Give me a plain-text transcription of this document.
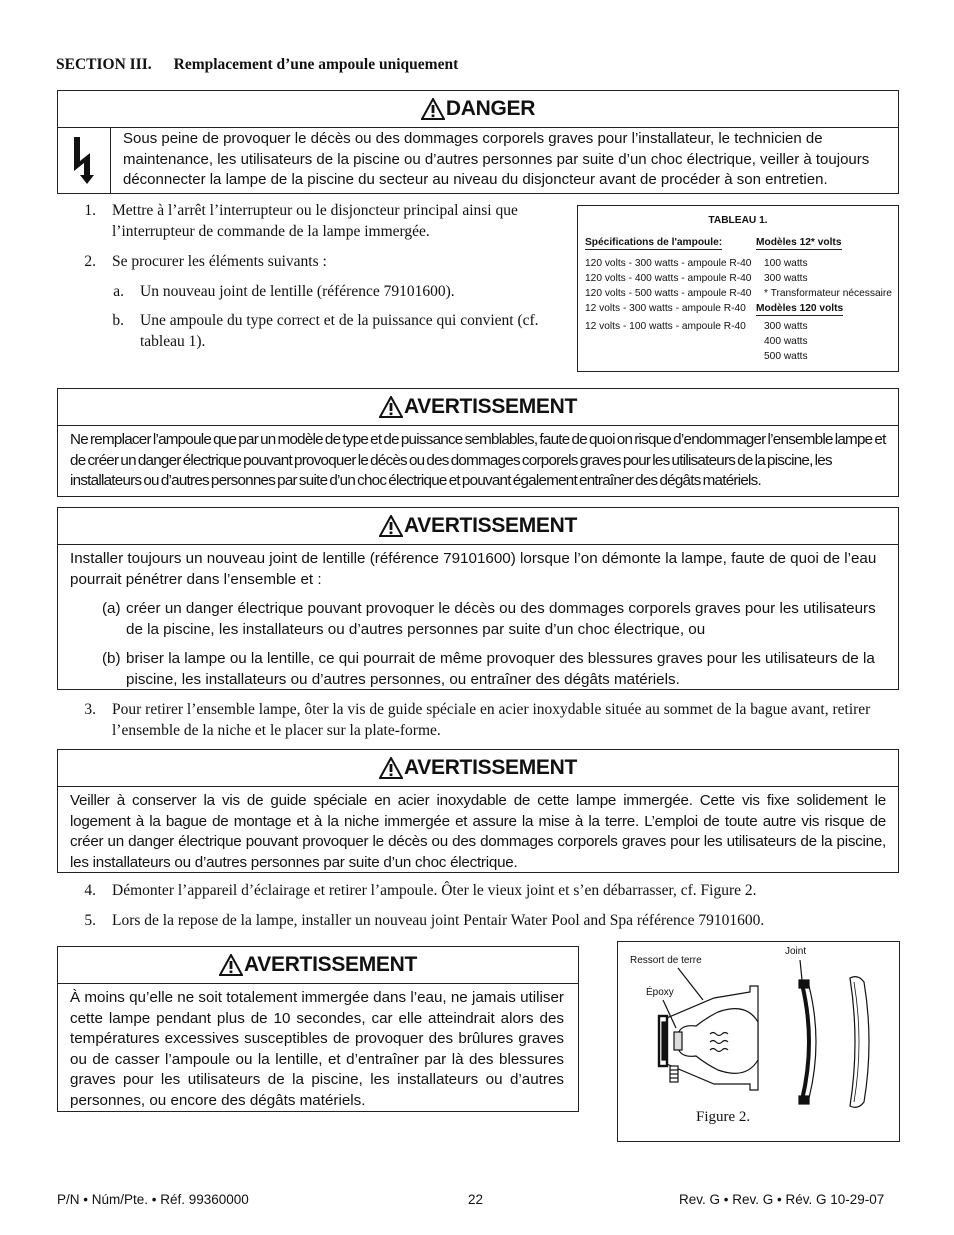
SECTION III. Remplacement d’une ampoule uniquement
DANGER
Sous peine de provoquer le décès ou des dommages corporels graves pour l’installateur, le technicien de maintenance, les utilisateurs de la piscine ou d’autres personnes par suite d’un choc électrique, veiller à toujours déconnecter la lampe de la piscine du secteur au niveau du disjoncteur avant de procéder à son entretien.
1. Mettre à l’arrêt l’interrupteur ou le disjoncteur principal ainsi que l’interrupteur de commande de la lampe immergée.
2. Se procurer les éléments suivants :
a. Un nouveau joint de lentille (référence 79101600).
b. Une ampoule du type correct et de la puissance qui convient (cf. tableau 1).
TABLEAU 1.
Spécifications de l'ampoule:	Modèles 12* volts
120 volts - 300 watts - ampoule R-40 100 watts
120 volts - 400 watts - ampoule R-40 300 watts
120 volts - 500 watts - ampoule R-40 * Transformateur nécessaire
12 volts - 300 watts - ampoule R-40 Modèles 120 volts
12 volts - 100 watts - ampoule R-40 300 watts
400 watts
500 watts
AVERTISSEMENT
Ne remplacer l’ampoule que par un modèle de type et de puissance semblables, faute de quoi on risque d’endommager l’ensemble lampe et de créer un danger électrique pouvant provoquer le décès ou des dommages corporels graves pour les utilisateurs de la piscine, les installateurs ou d’autres personnes par suite d’un choc électrique et pouvant également entraîner des dégâts matériels.
AVERTISSEMENT
Installer toujours un nouveau joint de lentille (référence 79101600) lorsque l’on démonte la lampe, faute de quoi de l’eau pourrait pénétrer dans l’ensemble et :
(a) créer un danger électrique pouvant provoquer le décès ou des dommages corporels graves pour les utilisateurs de la piscine, les installateurs ou d’autres personnes par suite d’un choc électrique, ou
(b) briser la lampe ou la lentille, ce qui pourrait de même provoquer des blessures graves pour les utilisateurs de la piscine, les installateurs ou d’autres personnes, ou entraîner des dégâts matériels.
3. Pour retirer l’ensemble lampe, ôter la vis de guide spéciale en acier inoxydable située au sommet de la bague avant, retirer l’ensemble de la niche et le placer sur la plate-forme.
AVERTISSEMENT
Veiller à conserver la vis de guide spéciale en acier inoxydable de cette lampe immergée. Cette vis fixe solidement le logement à la bague de montage et à la niche immergée et assure la mise à la terre. L’emploi de toute autre vis risque de créer un danger électrique pouvant provoquer le décès ou des dommages corporels graves pour les utilisateurs de la piscine, les installateurs ou d’autres personnes par suite d’un choc électrique.
4. Démonter l’appareil d’éclairage et retirer l’ampoule. Ôter le vieux joint et s’en débarrasser, cf. Figure 2.
5. Lors de la repose de la lampe, installer un nouveau joint Pentair Water Pool and Spa référence 79101600.
AVERTISSEMENT
À moins qu’elle ne soit totalement immergée dans l’eau, ne jamais utiliser cette lampe pendant plus de 10 secondes, car elle atteindrait alors des températures excessives susceptibles de provoquer des brûlures graves ou de casser l’ampoule ou la lentille, et d’entraîner par là des blessures graves pour les utilisateurs de la piscine, les installateurs ou d’autres personnes, ou encore des dégâts matériels.
Ressort de terre
Joint
Époxy
Figure 2.
P/N • Núm/Pte. • Réf. 99360000	22	Rev. G • Rev. G • Rév. G 10-29-07
